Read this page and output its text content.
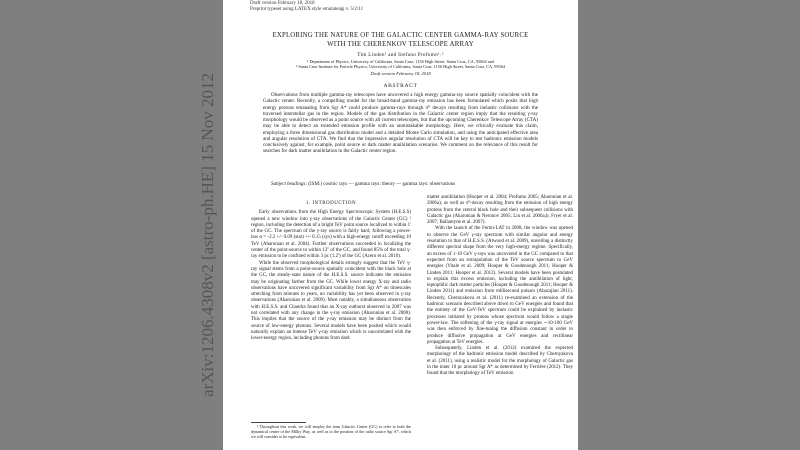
arXiv:1206.4308v2 [astro-ph.HE] 15 Nov 2012
Draft version February 18, 2018
Preprint typeset using LATEX style emulateapj v. 5/2/11
EXPLORING THE NATURE OF THE GALACTIC CENTER GAMMA-RAY SOURCE
WITH THE CHERENKOV TELESCOPE ARRAY
Tim Linden¹ and Stefano Profumo¹˒²
¹ Department of Physics, University of California, Santa Cruz, 1156 High Street, Santa Cruz, CA, 95064 and
² Santa Cruz Institute for Particle Physics, University of California, Santa Cruz, 1156 High Street, Santa Cruz, CA, 95064
Draft version February 18, 2018
ABSTRACT
Observations from multiple gamma-ray telescopes have uncovered a high energy gamma-ray source spatially coincident with the Galactic center. Recently, a compelling model for the broad-band gamma-ray emission has been formulated which posits that high energy protons emanating from Sgr A* could produce gamma-rays through π⁰ decays resulting from inelastic collisions with the traversed interstellar gas in the region. Models of the gas distribution in the Galactic center region imply that the resulting γ-ray morphology would be observed as a point source with all current telescopes, but that the upcoming Cherenkov Telescope Array (CTA) may be able to detect an extended emission profile with an unmistakable morphology. Here, we critically evaluate this claim, employing a three dimensional gas distribution model and a detailed Monte Carlo simulation, and using the anticipated effective area and angular resolution of CTA. We find that the impressive angular resolution of CTA will be key to test hadronic emission models conclusively against, for example, point source or dark matter annihilation scenarios. We comment on the relevance of this result for searches for dark matter annihilation in the Galactic center region.
Subject headings: (ISM:) cosmic rays — gamma rays: theory — gamma rays: observations
1. INTRODUCTION

Early observations from the High Energy Spectroscopic System (H.E.S.S) opened a new window into γ-ray observations of the Galactic Center (GC) ¹ region, including the detection of a bright TeV point source localized to within 1' of the GC. The spectrum of the γ-ray source is fairly hard, following a power-law α = -2.2 +/- 0.09 (stat) +/- 0.15 (sys) with a high-energy cutoff exceeding 10 TeV (Aharonian et al. 2004). Further observations succeeded in localizing the center of the point-source to within 13'' of the GC, and found 85% of the total γ-ray emission to be confined within 3 pc (1.2') of the GC (Acero et al. 2010).

While the observed morphological details strongly suggest that the TeV γ-ray signal stems from a point-source spatially coincident with the black hole at the GC, the steady-state nature of the H.E.S.S. source indicates the emission may be originating farther from the GC. While lower energy X-ray and radio observations have uncovered significant variability from Sgr A* on timescales stretching from minutes to years, no variability has yet been observed in γ-ray observations (Aharonian et al. 2009). Most notably, a simultaneous observation with H.E.S.S. and Chandra found that an X-ray outburst observed in 2007 was not correlated with any change in the γ-ray emission (Aharonian et al. 2008). This implies that the source of the γ-ray emission may be distinct from the source of low-energy photons. Several models have been posited which would naturally explain an intense TeV γ-ray emission which is uncorrelated with the lower-energy region, including photons from dark

matter annihilation (Hooper et al. 2004; Profumo 2005; Aharonian et al. 2006a), as well as π⁰-decay resulting from the emission of high energy protons from the central black hole and their subsequent collisions with Galactic gas (Aharonian & Neronov 2005; Liu et al. 2006a,b; Fryer et al. 2007; Ballantyne et al. 2007).

With the launch of the Fermi-LAT in 2008, the window was opened to observe the GeV γ-ray spectrum with similar angular and energy resolution to that of H.E.S.S. (Atwood et al. 2009), unveiling a distinctly different spectral shape from the very high-energy regime. Specifically, an excess of 1-10 GeV γ-rays was uncovered in the GC compared to that expected from an extrapolation of the TeV source spectrum to GeV energies (Vitale et al. 2009; Hooper & Goodenough 2011; Hooper & Linden 2011; Hooper et al. 2012). Several models have been postulated to explain this excess emission, including the annihilation of light, leptophilic dark matter particles (Hooper & Goodenough 2011; Hooper & Linden 2011) and emission from millisecond pulsars (Abazajian 2011). Recently, Chernyakova et al. (2011) re-examined an extension of the hadronic scenario described above down to GeV energies and found that the entirety of the GeV-TeV spectrum could be explained by inelastic processes initiated by protons whose spectrum would follow a single power-law. The softening of the γ-ray signal at energies ∼10-100 GeV was then enforced by fine-tuning the diffusion constant in order to produce diffusive propagation at GeV energies and rectilinear propagation at TeV energies.

Subsequently, Linden et al. (2012) examined the expected morphology of the hadronic emission model described by Chernyakova et al. (2011), using a realistic model for the morphology of Galactic gas in the inner 10 pc around Sgr A* as determined by Ferrière (2012). They found that the morphology of TeV emission

¹ Throughout this work, we will employ the term Galactic Center (GC) to refer to both the dynamical center of the Milky Way, as well as to the position of the radio source Sgr A*, which we will consider to be equivalent.
